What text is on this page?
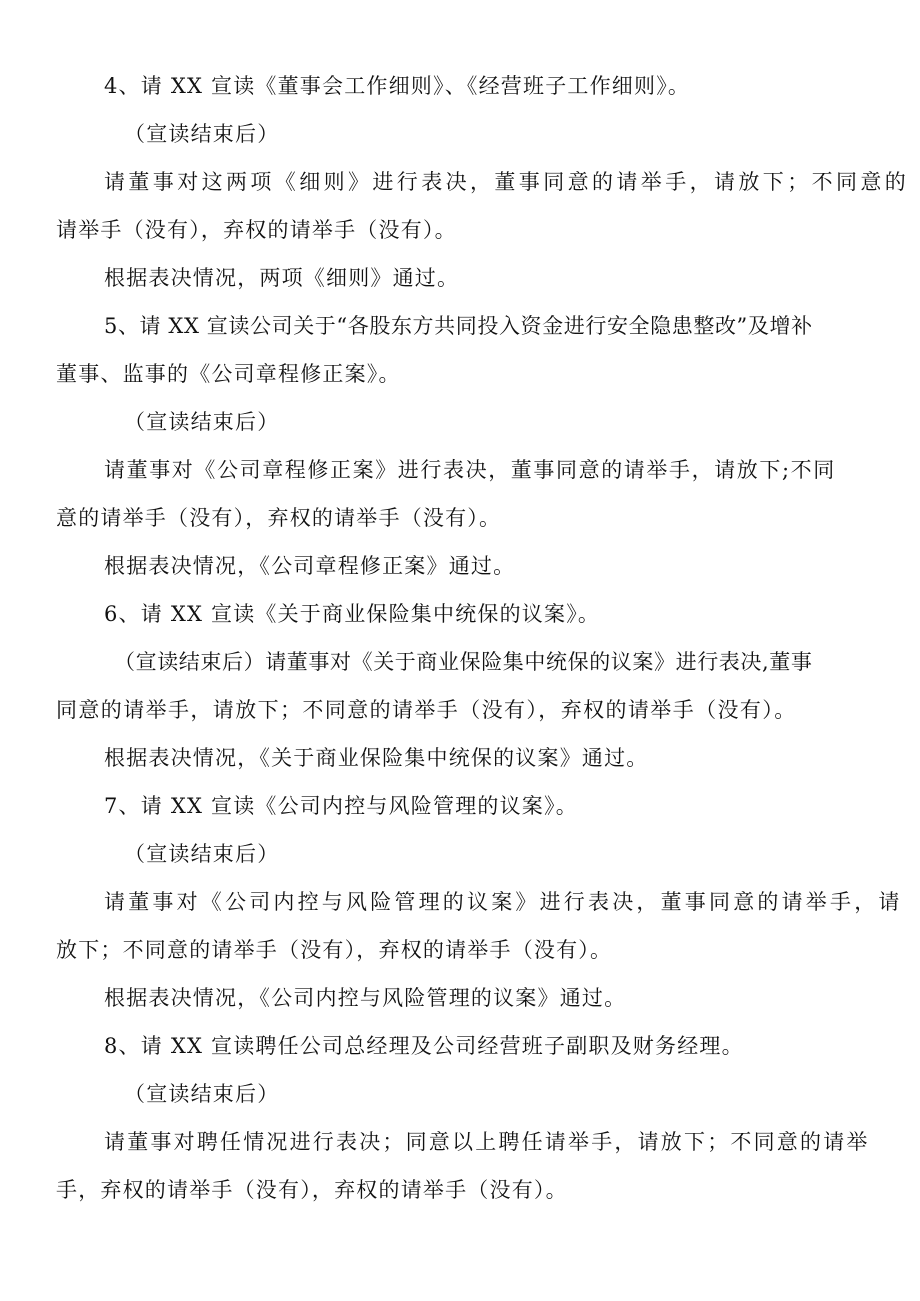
4、请 XX 宣读《董事会工作细则》、《经营班子工作细则》。
（宣读结束后）
请董事对这两项《细则》进行表决，董事同意的请举手，请放下；不同意的
请举手（没有），弃权的请举手（没有）。
根据表决情况，两项《细则》通过。
5、请 XX 宣读公司关于“各股东方共同投入资金进行安全隐患整改”及增补
董事、监事的《公司章程修正案》。
（宣读结束后）
请董事对《公司章程修正案》进行表决，董事同意的请举手，请放下;不同
意的请举手（没有），弃权的请举手（没有）。
根据表决情况，《公司章程修正案》通过。
6、请 XX 宣读《关于商业保险集中统保的议案》。
（宣读结束后）请董事对《关于商业保险集中统保的议案》进行表决,董事
同意的请举手，请放下；不同意的请举手（没有），弃权的请举手（没有）。
根据表决情况，《关于商业保险集中统保的议案》通过。
7、请 XX 宣读《公司内控与风险管理的议案》。
（宣读结束后）
请董事对《公司内控与风险管理的议案》进行表决，董事同意的请举手，请
放下；不同意的请举手（没有），弃权的请举手（没有）。
根据表决情况，《公司内控与风险管理的议案》通过。
8、请 XX 宣读聘任公司总经理及公司经营班子副职及财务经理。
（宣读结束后）
请董事对聘任情况进行表决；同意以上聘任请举手，请放下；不同意的请举
手，弃权的请举手（没有），弃权的请举手（没有）。
